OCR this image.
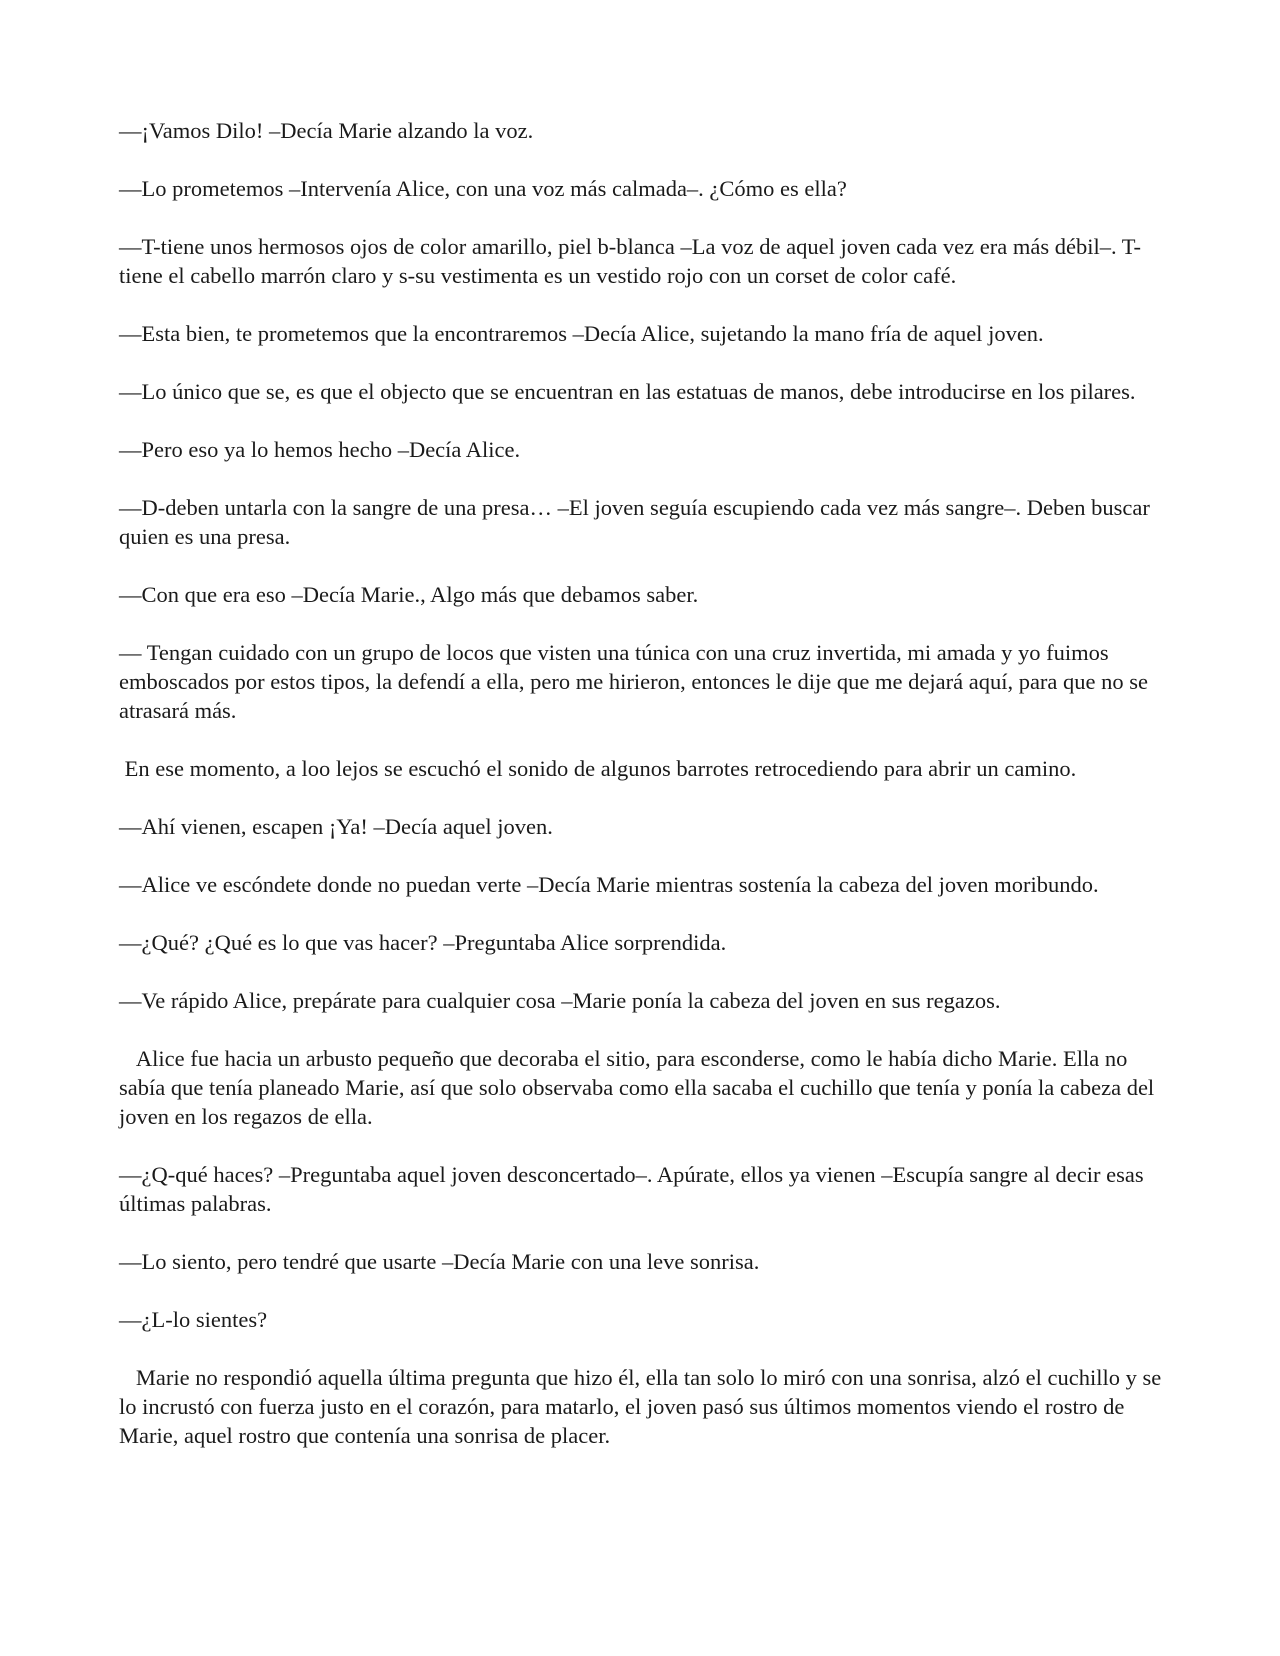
—¡Vamos Dilo! –Decía Marie alzando la voz.

—Lo prometemos –Intervenía Alice, con una voz más calmada–. ¿Cómo es ella?

—T-tiene unos hermosos ojos de color amarillo, piel b-blanca –La voz de aquel joven cada vez era más débil–. T-tiene el cabello marrón claro y s-su vestimenta es un vestido rojo con un corset de color café.

—Esta bien, te prometemos que la encontraremos –Decía Alice, sujetando la mano fría de aquel joven.

—Lo único que se, es que el objecto que se encuentran en las estatuas de manos, debe introducirse en los pilares.

—Pero eso ya lo hemos hecho –Decía Alice.

—D-deben untarla con la sangre de una presa… –El joven seguía escupiendo cada vez más sangre–. Deben buscar quien es una presa.

—Con que era eso –Decía Marie., Algo más que debamos saber.

— Tengan cuidado con un grupo de locos que visten una túnica con una cruz invertida, mi amada y yo fuimos emboscados por estos tipos, la defendí a ella, pero me hirieron, entonces le dije que me dejará aquí, para que no se atrasará más.

En ese momento, a loo lejos se escuchó el sonido de algunos barrotes retrocediendo para abrir un camino.

—Ahí vienen, escapen ¡Ya! –Decía aquel joven.

—Alice ve escóndete donde no puedan verte –Decía Marie mientras sostenía la cabeza del joven moribundo.

—¿Qué? ¿Qué es lo que vas hacer? –Preguntaba Alice sorprendida.

—Ve rápido Alice, prepárate para cualquier cosa –Marie ponía la cabeza del joven en sus regazos.

Alice fue hacia un arbusto pequeño que decoraba el sitio, para esconderse, como le había dicho Marie. Ella no sabía que tenía planeado Marie, así que solo observaba como ella sacaba el cuchillo que tenía y ponía la cabeza del joven en los regazos de ella.

—¿Q-qué haces? –Preguntaba aquel joven desconcertado–. Apúrate, ellos ya vienen –Escupía sangre al decir esas últimas palabras.

—Lo siento, pero tendré que usarte –Decía Marie con una leve sonrisa.

—¿L-lo sientes?

Marie no respondió aquella última pregunta que hizo él, ella tan solo lo miró con una sonrisa, alzó el cuchillo y se lo incrustó con fuerza justo en el corazón, para matarlo, el joven pasó sus últimos momentos viendo el rostro de Marie, aquel rostro que contenía una sonrisa de placer.
